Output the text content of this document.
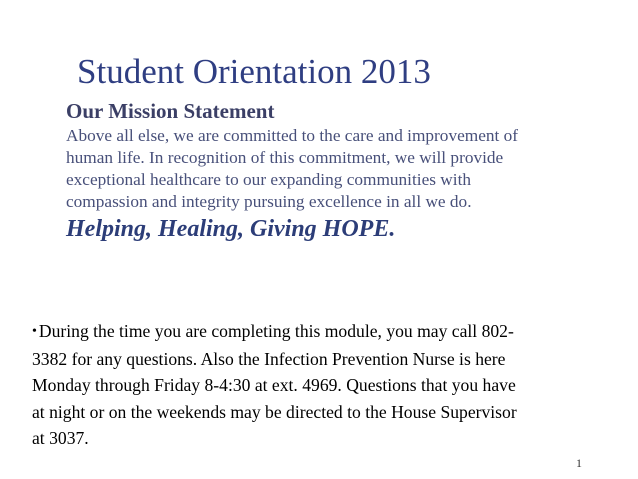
Student Orientation 2013
Our Mission Statement

Above all else, we are committed to the care and improvement of
human life. In recognition of this commitment, we will provide
exceptional healthcare to our expanding communities with
compassion and integrity pursuing excellence in all we do.

Helping, Healing, Giving HOPE.

• During the time you are completing this module, you may call 802-
3382 for any questions. Also the Infection Prevention Nurse is here
Monday through Friday 8-4:30 at ext. 4969. Questions that you have
at night or on the weekends may be directed to the House Supervisor
at 3037.

1
